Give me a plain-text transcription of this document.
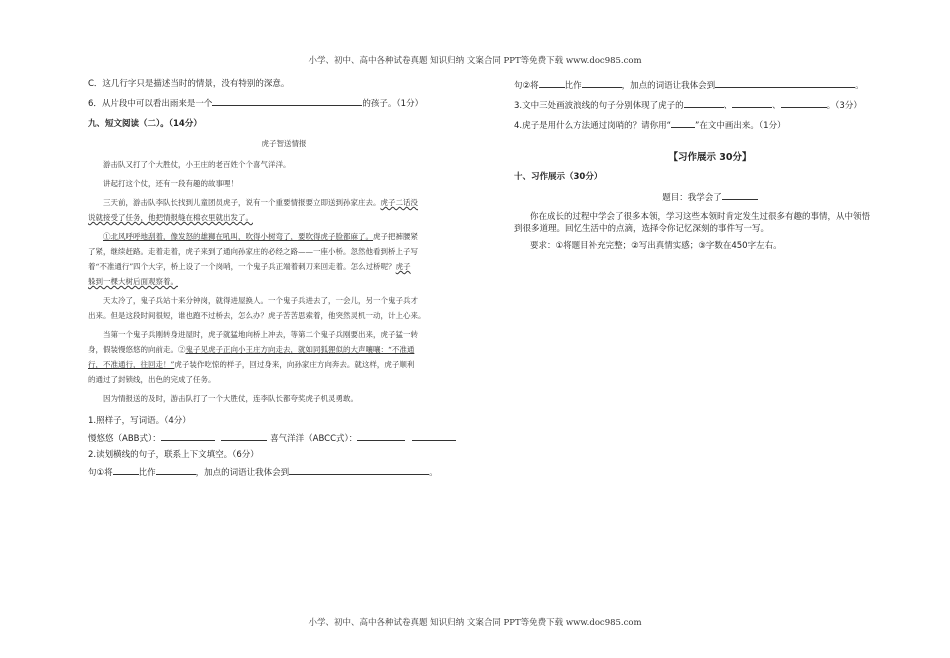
小学、初中、高中各种试卷真题 知识归纳 文案合同 PPT等免费下载 www.doc985.com

C．这几行字只是描述当时的情景，没有特别的深意。

6．从片段中可以看出雨来是一个	的孩子。（1分）

九、短文阅读（二）。（14分）

虎子智送情报

游击队又打了个大胜仗，小王庄的老百姓个个喜气洋洋。

讲起打这个仗，还有一段有趣的故事哩！

三天前，游击队李队长找到儿童团员虎子，说有一个重要情报要立即送到孙家庄去。虎子二话没

说就接受了任务，他把情报缝在棉衣里就出发了。

①北风呼呼地刮着，像发怒的雄狮在吼叫，吹得小树弯了，要吹得虎子脸都麻了。虎子把裤腰紧

了紧，继续赶路。走着走着，虎子来到了通向孙家庄的必经之路——一座小桥。忽然他看到桥上子写

着“不准通行”四个大字，桥上设了一个岗哨，一个鬼子兵正端着刺刀来回走着。怎么过桥呢？虎子

躲到一棵大树后面观察着。

天太冷了，鬼子兵站十来分钟岗，就得进屋换人。一个鬼子兵进去了，一会儿，另一个鬼子兵才

出来。但是这段时间很短，谁也跑不过桥去，怎么办？虎子苦苦思索着，他突然灵机一动，计上心来。

当第一个鬼子兵刚转身进屋时，虎子就猛地向桥上冲去，等第二个鬼子兵刚要出来，虎子猛一转

身，假装慢悠悠的向前走。②鬼子见虎子正向小王庄方向走去，就如同狐狸似的大声嚷嚷：“不准通

行，不准通行，往回走！”虎子装作吃惊的样子，回过身来，向孙家庄方向奔去。就这样，虎子顺利

的通过了封锁线，出色的完成了任务。

因为情报送的及时，游击队打了一个大胜仗，连李队长都夸奖虎子机灵勇敢。

1.照样子，写词语。（4分）

慢悠悠（ABB式）：	喜气洋洋（ABCC式）：

2.读划横线的句子，联系上下文填空。（6分）

句①将	比作	，加点的词语让我体会到	。

句②将	比作	，加点的词语让我体会到	。

3.文中三处画波浪线的句子分别体现了虎子的	、	、	。（3分）

4.虎子是用什么方法通过岗哨的？请你用“	”在文中画出来。（1分）

【习作展示 30分】

十、习作展示（30分）

题目：我学会了

你在成长的过程中学会了很多本领，学习这些本领时肯定发生过很多有趣的事情，从中领悟

到很多道理。回忆生活中的点滴，选择令你记忆深刻的事件写一写。

要求：①将题目补充完整；②写出真情实感；③字数在450字左右。

小学、初中、高中各种试卷真题 知识归纳 文案合同 PPT等免费下载 www.doc985.com
